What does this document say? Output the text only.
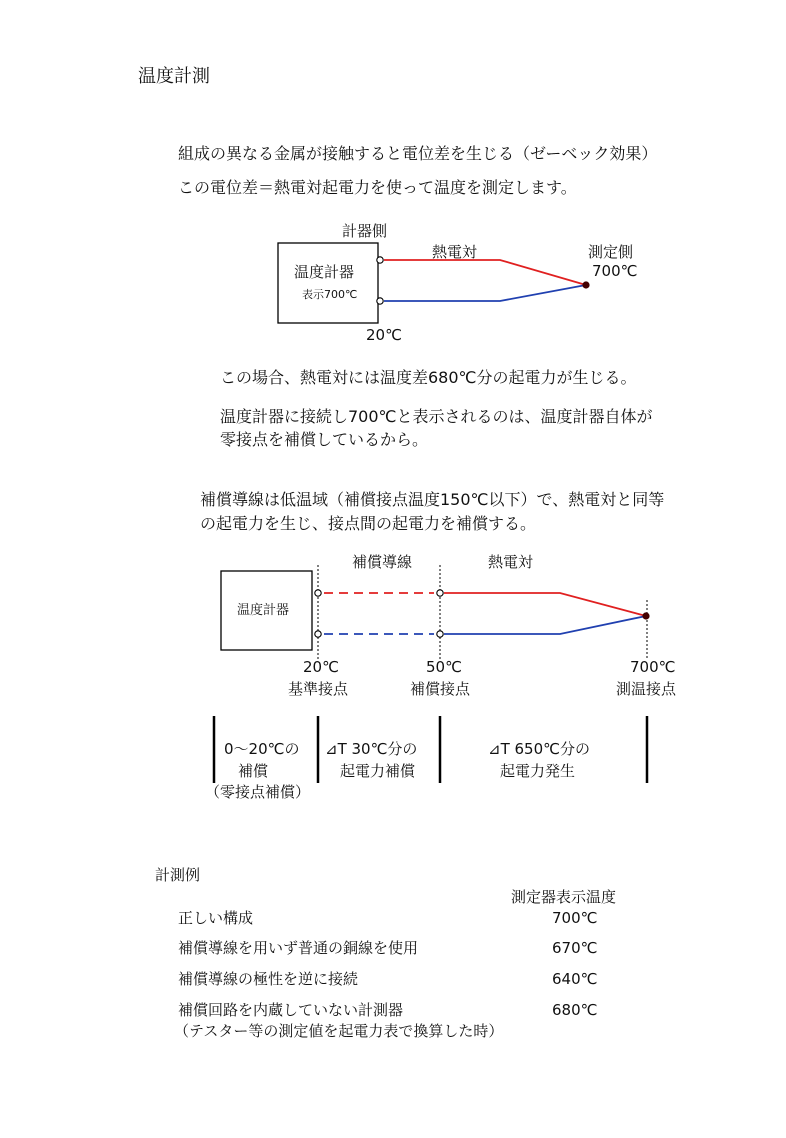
温度計測
組成の異なる金属が接触すると電位差を生じる（ゼーベック効果）
この電位差＝熱電対起電力を使って温度を測定します。
計器側
熱電対	測定側
700℃
温度計器
表示700℃
20℃
この場合、熱電対には温度差680℃分の起電力が生じる。
温度計器に接続し700℃と表示されるのは、温度計器自体が
零接点を補償しているから。
補償導線は低温域（補償接点温度150℃以下）で、熱電対と同等
の起電力を生じ、接点間の起電力を補償する。
補償導線	熱電対
温度計器
20℃
基準接点
50℃
補償接点
700℃
測温接点
0～20℃の
補償
（零接点補償）
⊿T 30℃分の
起電力補償
⊿T 650℃分の
起電力発生
計測例
測定器表示温度
正しい構成	700℃
補償導線を用いず普通の銅線を使用	670℃
補償導線の極性を逆に接続	640℃
補償回路を内蔵していない計測器	680℃
（テスター等の測定値を起電力表で換算した時）
